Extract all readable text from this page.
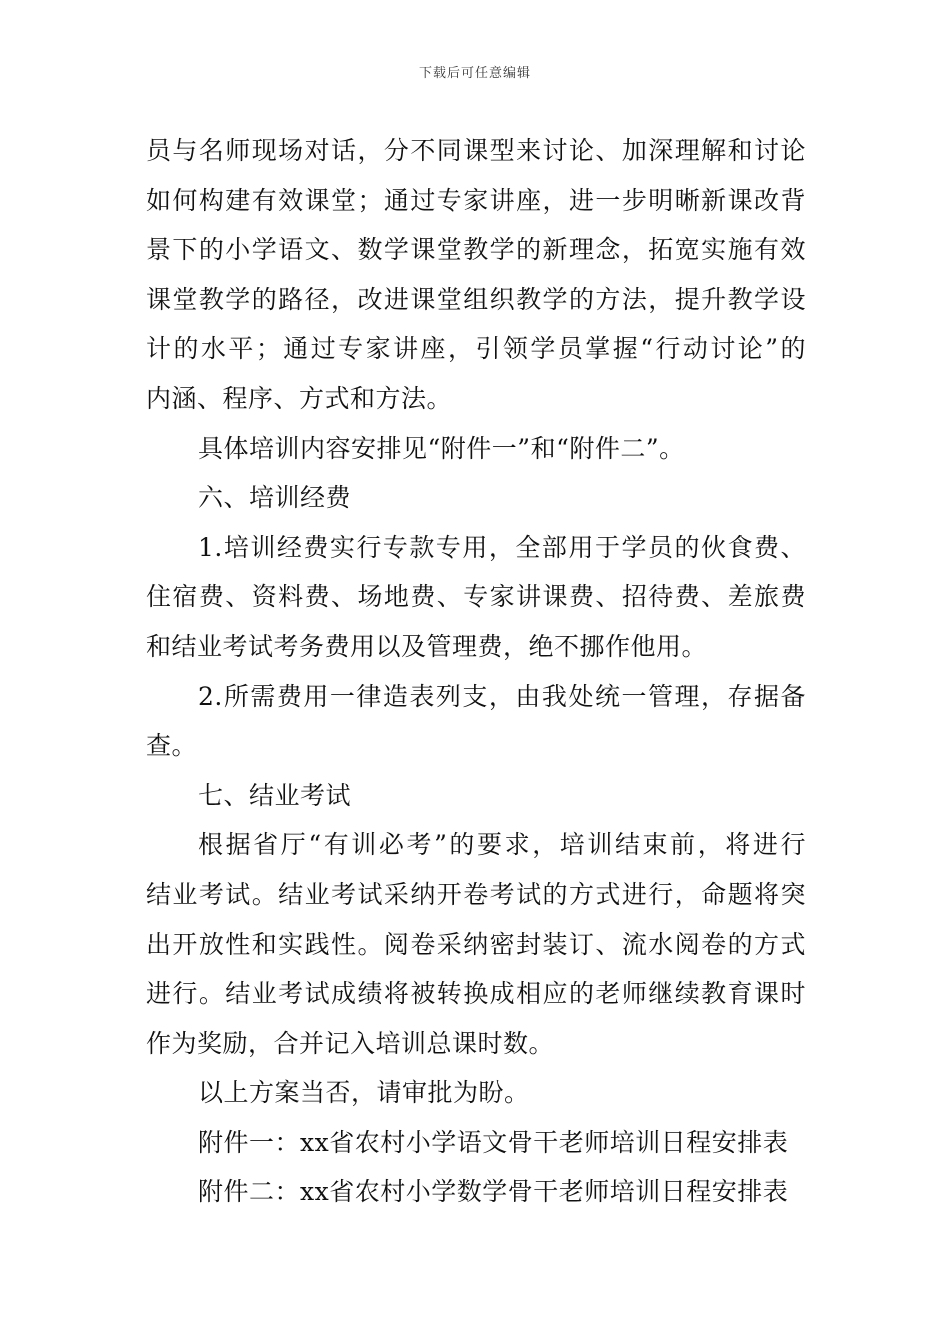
下载后可任意编辑
员与名师现场对话，分不同课型来讨论、加深理解和讨论
如何构建有效课堂；通过专家讲座，进一步明晰新课改背
景下的小学语文、数学课堂教学的新理念，拓宽实施有效
课堂教学的路径，改进课堂组织教学的方法，提升教学设
计的水平；通过专家讲座，引领学员掌握“行动讨论”的
内涵、程序、方式和方法。
具体培训内容安排见“附件一”和“附件二”。
六、培训经费
1.培训经费实行专款专用，全部用于学员的伙食费、
住宿费、资料费、场地费、专家讲课费、招待费、差旅费
和结业考试考务费用以及管理费，绝不挪作他用。
2.所需费用一律造表列支，由我处统一管理，存据备
查。
七、结业考试
根据省厅“有训必考”的要求，培训结束前，将进行
结业考试。结业考试采纳开卷考试的方式进行，命题将突
出开放性和实践性。阅卷采纳密封装订、流水阅卷的方式
进行。结业考试成绩将被转换成相应的老师继续教育课时
作为奖励，合并记入培训总课时数。
以上方案当否，请审批为盼。
附件一：xx省农村小学语文骨干老师培训日程安排表
附件二：xx省农村小学数学骨干老师培训日程安排表
